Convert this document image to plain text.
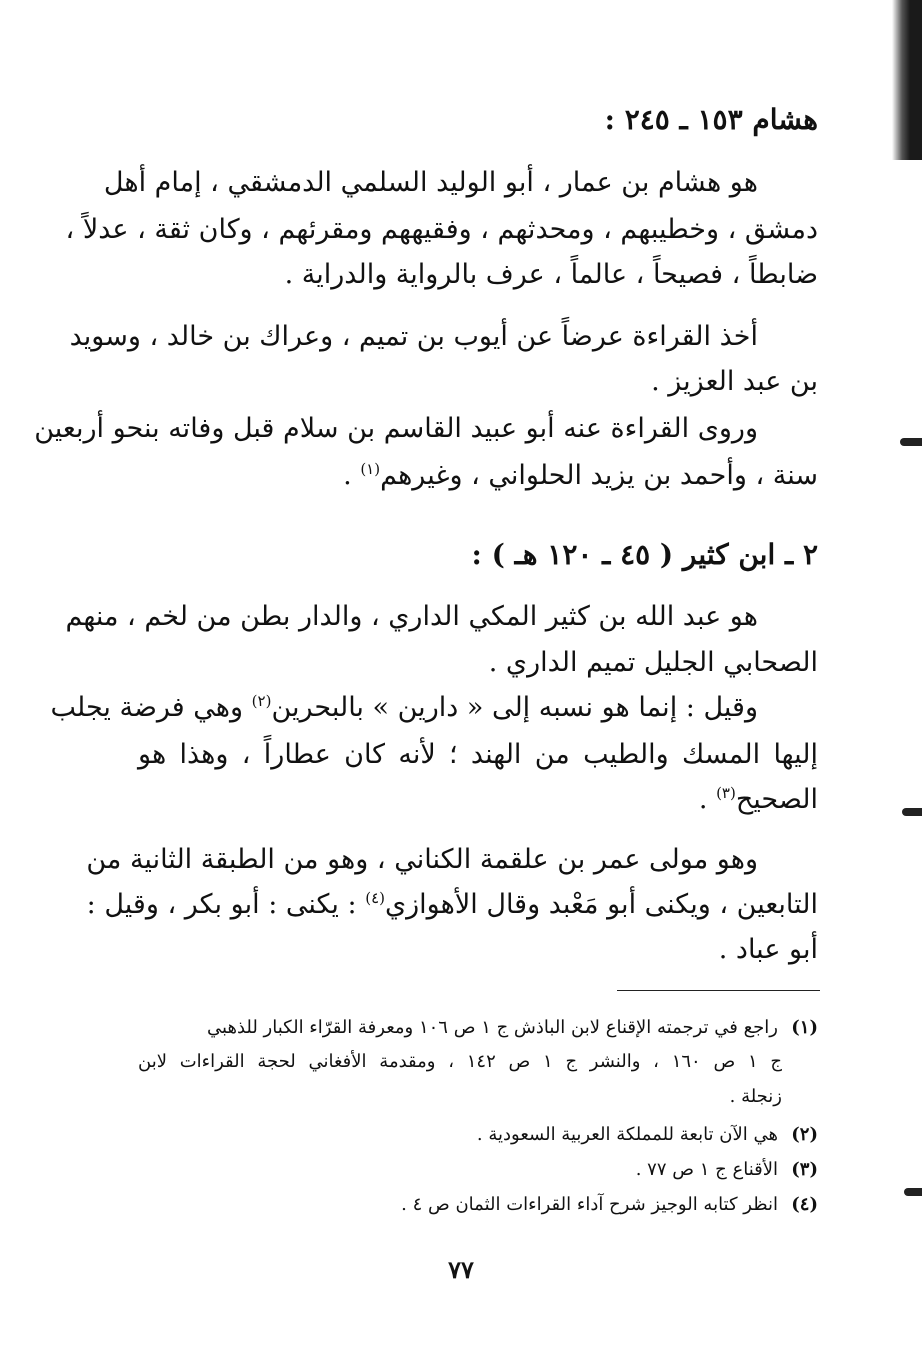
هشام ١٥٣ ـ ٢٤٥ :
هو هشام بن عمار ، أبو الوليد السلمي الدمشقي ، إمام أهل
دمشق ، وخطيبهم ، ومحدثهم ، وفقيههم ومقرئهم ، وكان ثقة ، عدلاً ،
ضابطاً ، فصيحاً ، عالماً ، عرف بالرواية والدراية .
أخذ القراءة عرضاً عن أيوب بن تميم ، وعراك بن خالد ، وسويد
بن عبد العزيز .
وروى القراءة عنه أبو عبيد القاسم بن سلام قبل وفاته بنحو أربعين
سنة ، وأحمد بن يزيد الحلواني ، وغيرهم$^{(١)}$ .
٢ ـ ابن كثير ( ٤٥ ـ ١٢٠ هـ ) :
هو عبد الله بن كثير المكي الداري ، والدار بطن من لخم ، منهم
الصحابي الجليل تميم الداري .
وقيل : إنما هو نسبه إلى « دارين » بالبحرين$^{(٢)}$ وهي فرضة يجلب
إليها المسك والطيب من الهند ؛ لأنه كان عطاراً ، وهذا هو
الصحيح$^{(٣)}$ .
وهو مولى عمر بن علقمة الكناني ، وهو من الطبقة الثانية من
التابعين ، ويكنى أبو مَعْبد وقال الأهوازي$^{(٤)}$ : يكنى : أبو بكر ، وقيل :
أبو عباد .
(١)راجع في ترجمته الإقناع لابن الباذش ج ١ ص ١٠٦ ومعرفة القرّاء الكبار للذهبي
ج ١ ص ١٦٠ ، والنشر ج ١ ص ١٤٢ ، ومقدمة الأفغاني لحجة القراءات لابن
زنجلة .
(٢)هي الآن تابعة للمملكة العربية السعودية .
(٣)الأقناع ج ١ ص ٧٧ .
(٤)انظر كتابه الوجيز شرح آداء القراءات الثمان ص ٤ .
٧٧
